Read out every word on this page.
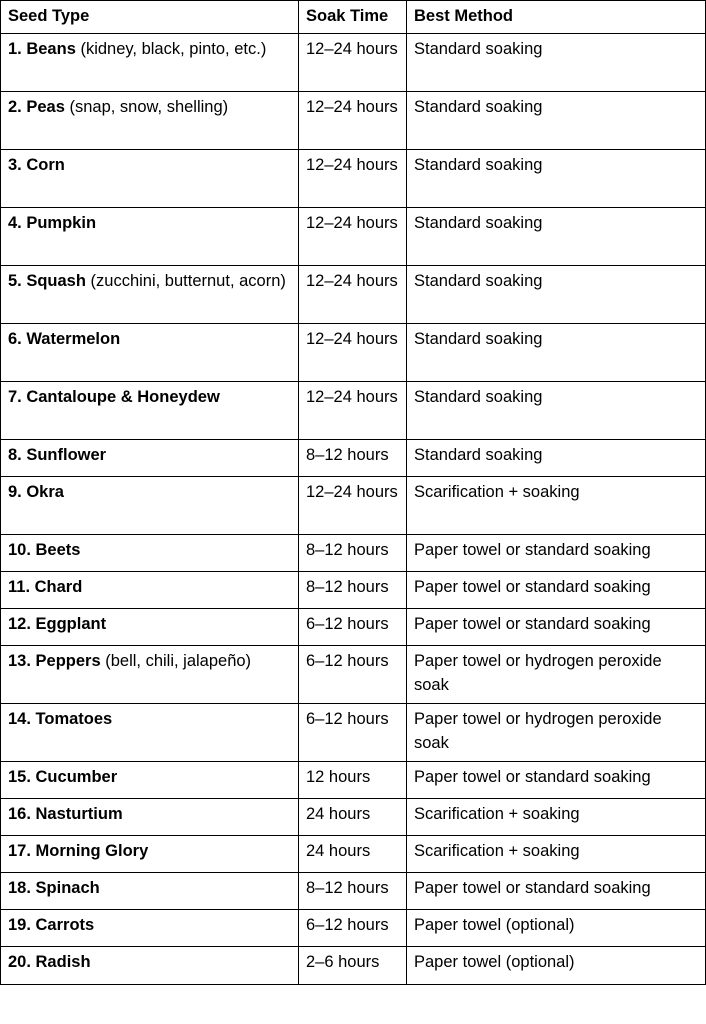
Seed Type	Soak Time	Best Method
1. Beans (kidney, black, pinto, etc.)	12–24 hours	Standard soaking
2. Peas (snap, snow, shelling)	12–24 hours	Standard soaking
3. Corn	12–24 hours	Standard soaking
4. Pumpkin	12–24 hours	Standard soaking
5. Squash (zucchini, butternut, acorn)	12–24 hours	Standard soaking
6. Watermelon	12–24 hours	Standard soaking
7. Cantaloupe & Honeydew	12–24 hours	Standard soaking
8. Sunflower	8–12 hours	Standard soaking
9. Okra	12–24 hours	Scarification + soaking
10. Beets	8–12 hours	Paper towel or standard soaking
11. Chard	8–12 hours	Paper towel or standard soaking
12. Eggplant	6–12 hours	Paper towel or standard soaking
13. Peppers (bell, chili, jalapeño)	6–12 hours	Paper towel or hydrogen peroxide soak
14. Tomatoes	6–12 hours	Paper towel or hydrogen peroxide soak
15. Cucumber	12 hours	Paper towel or standard soaking
16. Nasturtium	24 hours	Scarification + soaking
17. Morning Glory	24 hours	Scarification + soaking
18. Spinach	8–12 hours	Paper towel or standard soaking
19. Carrots	6–12 hours	Paper towel (optional)
20. Radish	2–6 hours	Paper towel (optional)
